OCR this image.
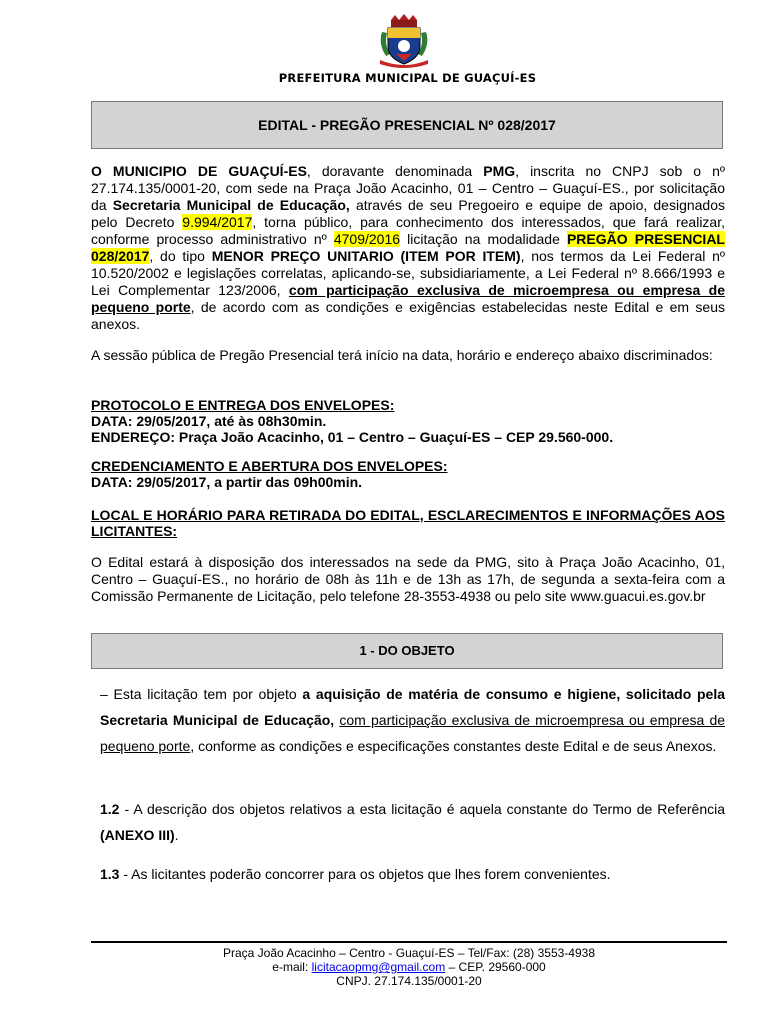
PREFEITURA MUNICIPAL DE GUAÇUÍ-ES
EDITAL - PREGÃO PRESENCIAL Nº 028/2017
O MUNICIPIO DE GUAÇUÍ-ES, doravante denominada PMG, inscrita no CNPJ sob o nº 27.174.135/0001-20, com sede na Praça João Acacinho, 01 – Centro – Guaçuí-ES., por solicitação da Secretaria Municipal de Educação, através de seu Pregoeiro e equipe de apoio, designados pelo Decreto 9.994/2017, torna público, para conhecimento dos interessados, que fará realizar, conforme processo administrativo nº 4709/2016 licitação na modalidade PREGÃO PRESENCIAL 028/2017, do tipo MENOR PREÇO UNITARIO (ITEM POR ITEM), nos termos da Lei Federal nº 10.520/2002 e legislações correlatas, aplicando-se, subsidiariamente, a Lei Federal nº 8.666/1993 e Lei Complementar 123/2006, com participação exclusiva de microempresa ou empresa de pequeno porte, de acordo com as condições e exigências estabelecidas neste Edital e em seus anexos.
A sessão pública de Pregão Presencial terá início na data, horário e endereço abaixo discriminados:
PROTOCOLO E ENTREGA DOS ENVELOPES:
DATA: 29/05/2017, até às 08h30min.
ENDEREÇO: Praça João Acacinho, 01 – Centro – Guaçuí-ES – CEP 29.560-000.
CREDENCIAMENTO E ABERTURA DOS ENVELOPES:
DATA: 29/05/2017, a partir das 09h00min.
LOCAL E HORÁRIO PARA RETIRADA DO EDITAL, ESCLARECIMENTOS E INFORMAÇÕES AOS LICITANTES:
O Edital estará à disposição dos interessados na sede da PMG, sito à Praça João Acacinho, 01, Centro – Guaçuí-ES., no horário de 08h às 11h e de 13h as 17h, de segunda a sexta-feira com a Comissão Permanente de Licitação, pelo telefone 28-3553-4938 ou pelo site www.guacui.es.gov.br
1 - DO OBJETO
– Esta licitação tem por objeto a aquisição de matéria de consumo e higiene, solicitado pela Secretaria Municipal de Educação, com participação exclusiva de microempresa ou empresa de pequeno porte, conforme as condições e especificações constantes deste Edital e de seus Anexos.
1.2 - A descrição dos objetos relativos a esta licitação é aquela constante do Termo de Referência (ANEXO III).
1.3 - As licitantes poderão concorrer para os objetos que lhes forem convenientes.
Praça João Acacinho – Centro - Guaçuí-ES – Tel/Fax: (28) 3553-4938
e-mail: licitacaopmg@gmail.com – CEP. 29560-000
CNPJ. 27.174.135/0001-20
